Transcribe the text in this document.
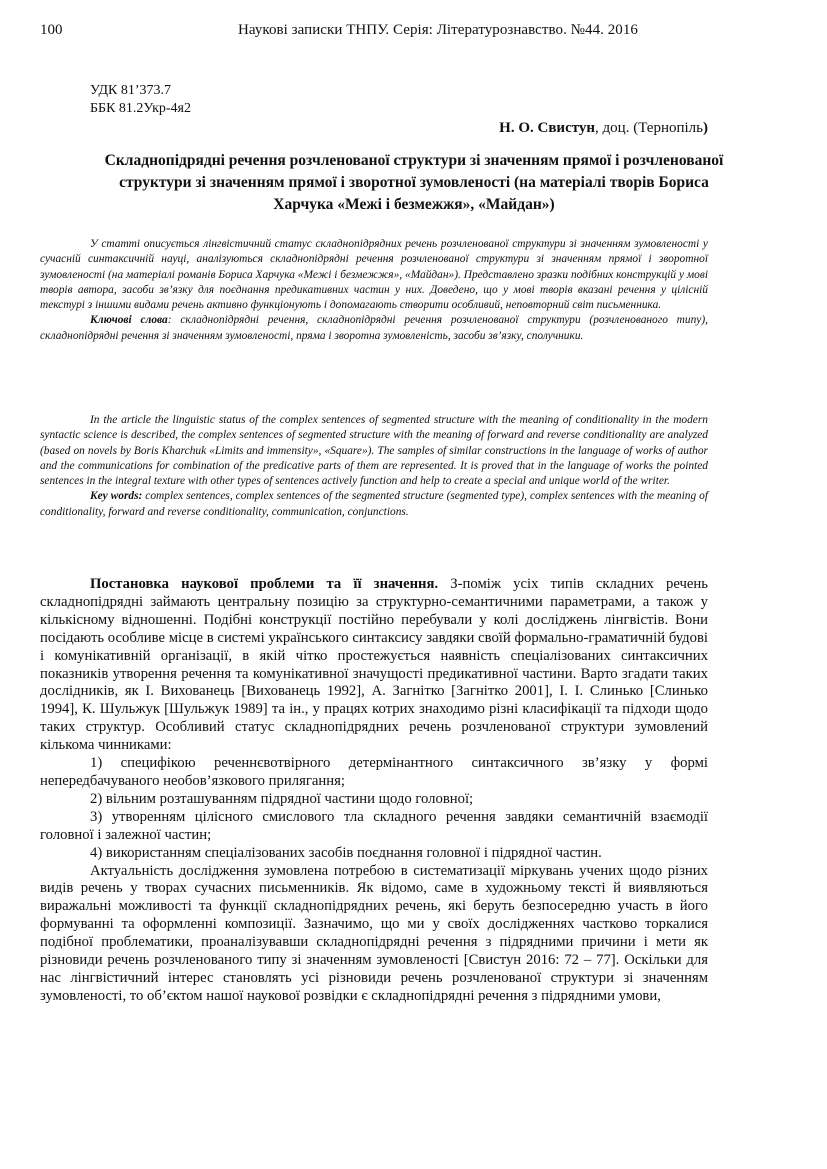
100	Наукові записки ТНПУ. Серія: Літературознавство. №44. 2016
УДК 81’373.7
ББК 81.2Укр-4я2
Н. О. Свистун, доц. (Тернопіль)
Складнопідрядні речення розчленованої структури зі значенням прямої і розчленованої
структури зі значенням прямої і зворотної зумовленості (на матеріалі творів Бориса
Харчука «Межі і безмежжя», «Майдан»)

У статті описується лінгвістичний статус складнопідрядних речень розчленованої структури зі значенням зумовленості у сучасній синтаксичній науці, аналізуються складнопідрядні речення розчленованої структури зі значенням прямої і зворотної зумовленості (на матеріалі романів Бориса Харчука «Межі і безмежжя», «Майдан»). Представлено зразки подібних конструкцій у мові творів автора, засоби зв’язку для поєднання предикативних частин у них. Доведено, що у мові творів вказані речення у цілісній текстурі з іншими видами речень активно функціонують і допомагають створити особливий, неповторний світ письменника.

Ключові слова: складнопідрядні речення, складнопідрядні речення розчленованої структури (розчленованого типу), складнопідрядні речення зі значенням зумовленості, пряма і зворотна зумовленість, засоби зв’язку, сполучники.

In the article the linguistic status of the complex sentences of segmented structure with the meaning of conditionality in the modern syntactic science is described, the complex sentences of segmented structure with the meaning of forward and reverse conditionality are analyzed (based on novels by Boris Kharchuk «Limits and immensity», «Square»). The samples of similar constructions in the language of works of author and the communications for combination of the predicative parts of them are represented. It is proved that in the language of works the pointed sentences in the integral texture with other types of sentences actively function and help to create a special and unique world of the writer.

Key words: complex sentences, complex sentences of the segmented structure (segmented type), complex sentences with the meaning of conditionality, forward and reverse conditionality, communication, conjunctions.

Постановка наукової проблеми та її значення. З-поміж усіх типів складних речень складнопідрядні займають центральну позицію за структурно-семантичними параметрами, а також у кількісному відношенні. Подібні конструкції постійно перебували у колі досліджень лінгвістів. Вони посідають особливе місце в системі українського синтаксису завдяки своїй формально-граматичній будові і комунікативній організації, в якій чітко простежується наявність спеціалізованих синтаксичних показників утворення речення та комунікативної значущості предикативної частини. Варто згадати таких дослідників, як І. Вихованець [Вихованець 1992], А. Загнітко [Загнітко 2001], І. І. Слинько [Слинько 1994], К. Шульжук [Шульжук 1989] та ін., у працях котрих знаходимо різні класифікації та підходи щодо таких структур. Особливий статус складнопідрядних речень розчленованої структури зумовлений кількома чинниками:

1) специфікою реченнєвотвірного детермінантного синтаксичного зв’язку у формі непередбачуваного необов’язкового прилягання;

2) вільним розташуванням підрядної частини щодо головної;

3) утворенням цілісного смислового тла складного речення завдяки семантичній взаємодії головної і залежної частин;

4) використанням спеціалізованих засобів поєднання головної і підрядної частин.

Актуальність дослідження зумовлена потребою в систематизації міркувань учених щодо різних видів речень у творах сучасних письменників. Як відомо, саме в художньому тексті й виявляються виражальні можливості та функції складнопідрядних речень, які беруть безпосередню участь в його формуванні та оформленні композиції. Зазначимо, що ми у своїх дослідженнях частково торкалися подібної проблематики, проаналізувавши складнопідрядні речення з підрядними причини і мети як різновиди речень розчленованого типу зі значенням зумовленості [Свистун 2016: 72 – 77]. Оскільки для нас лінгвістичний інтерес становлять усі різновиди речень розчленованої структури зі значенням зумовленості, то об’єктом нашої наукової розвідки є складнопідрядні речення з підрядними умови,
